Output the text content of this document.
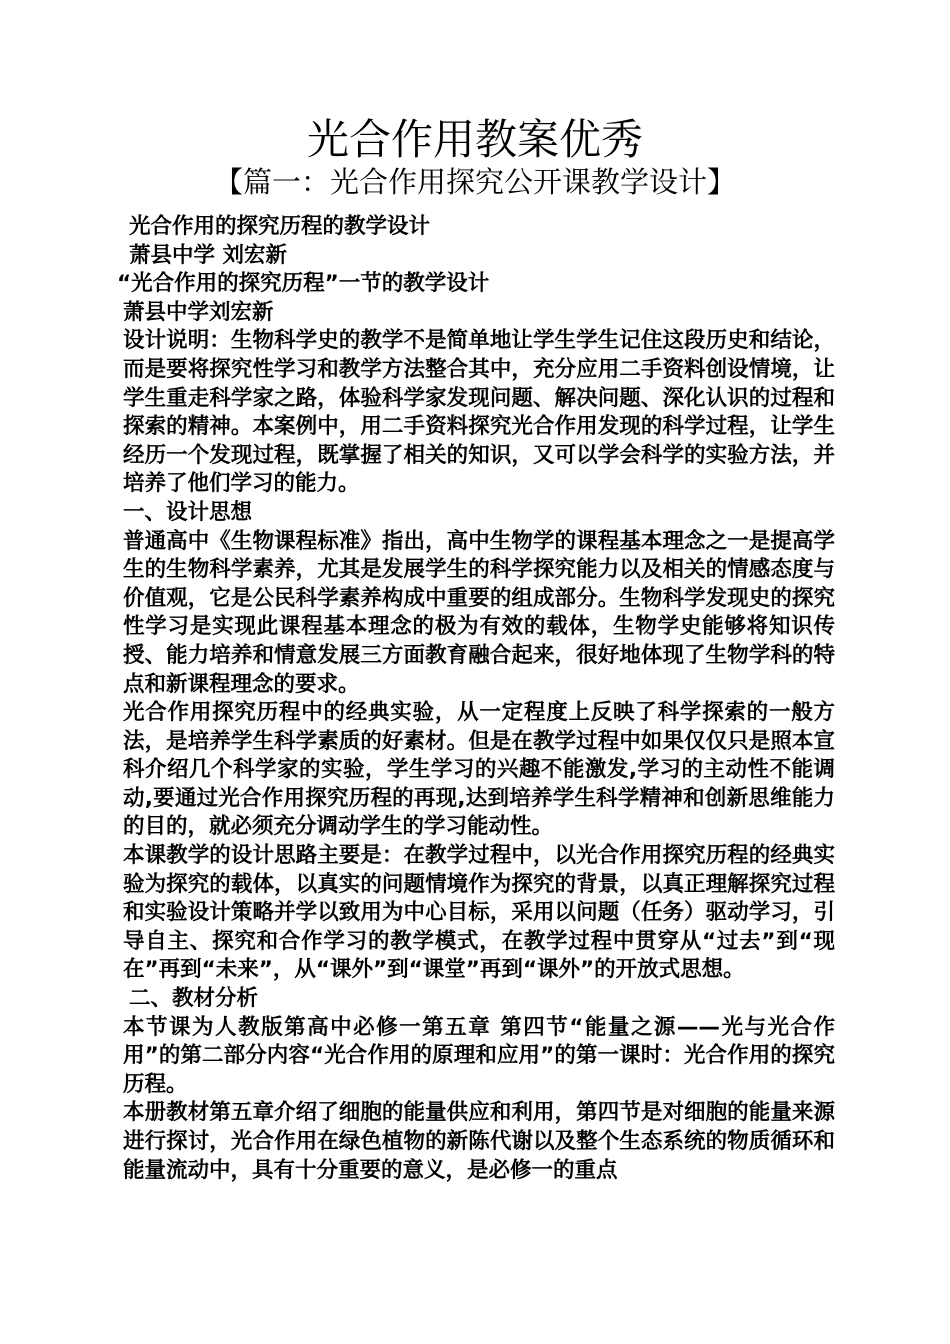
光合作用教案优秀
【篇一：光合作用探究公开课教学设计】

光合作用的探究历程的教学设计

萧县中学 刘宏新

“光合作用的探究历程”一节的教学设计

萧县中学刘宏新

设计说明：生物科学史的教学不是简单地让学生学生记住这段历史和结论，而是要将探究性学习和教学方法整合其中，充分应用二手资料创设情境，让学生重走科学家之路，体验科学家发现问题、解决问题、深化认识的过程和探索的精神。本案例中，用二手资料探究光合作用发现的科学过程，让学生经历一个发现过程，既掌握了相关的知识，又可以学会科学的实验方法，并培养了他们学习的能力。

一、设计思想

普通高中《生物课程标准》指出，高中生物学的课程基本理念之一是提高学生的生物科学素养，尤其是发展学生的科学探究能力以及相关的情感态度与价值观，它是公民科学素养构成中重要的组成部分。生物科学发现史的探究性学习是实现此课程基本理念的极为有效的载体，生物学史能够将知识传授、能力培养和情意发展三方面教育融合起来，很好地体现了生物学科的特点和新课程理念的要求。

光合作用探究历程中的经典实验，从一定程度上反映了科学探索的一般方法，是培养学生科学素质的好素材。但是在教学过程中如果仅仅只是照本宣科介绍几个科学家的实验，学生学习的兴趣不能激发,学习的主动性不能调动,要通过光合作用探究历程的再现,达到培养学生科学精神和创新思维能力的目的，就必须充分调动学生的学习能动性。

本课教学的设计思路主要是：在教学过程中，以光合作用探究历程的经典实验为探究的载体，以真实的问题情境作为探究的背景，以真正理解探究过程和实验设计策略并学以致用为中心目标，采用以问题（任务）驱动学习，引导自主、探究和合作学习的教学模式，在教学过程中贯穿从“过去”到“现在”再到“未来”，从“课外”到“课堂”再到“课外”的开放式思想。

二、教材分析

本节课为人教版第高中必修一第五章 第四节“能量之源——光与光合作用”的第二部分内容“光合作用的原理和应用”的第一课时：光合作用的探究历程。

本册教材第五章介绍了细胞的能量供应和利用，第四节是对细胞的能量来源进行探讨，光合作用在绿色植物的新陈代谢以及整个生态系统的物质循环和能量流动中，具有十分重要的意义，是必修一的重点
